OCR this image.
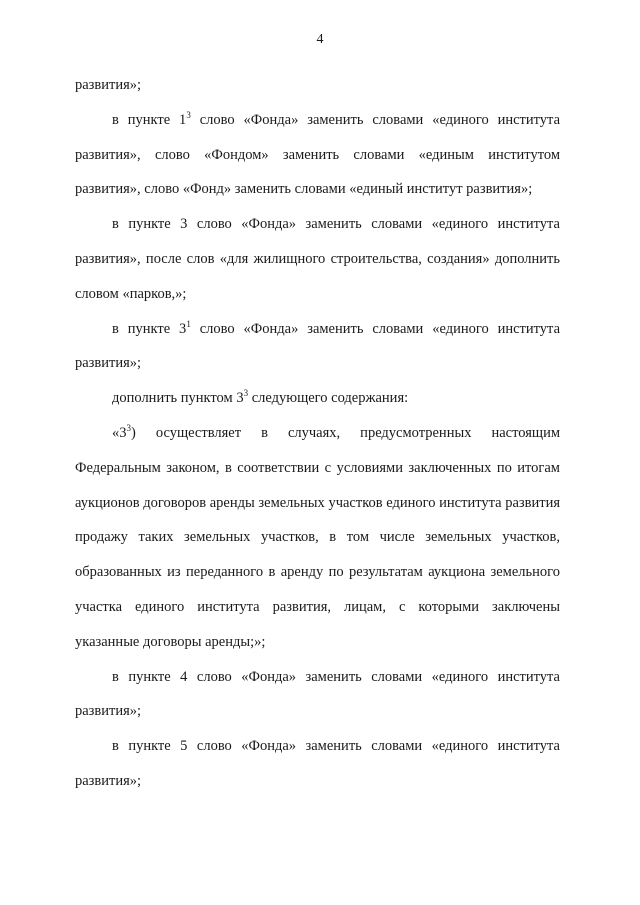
4

развития»;

в пункте $1^3$ слово «Фонда» заменить словами «единого института развития», слово «Фондом» заменить словами «единым институтом развития», слово «Фонд» заменить словами «единый институт развития»;

в пункте 3 слово «Фонда» заменить словами «единого института развития», после слов «для жилищного строительства, создания» дополнить словом «парков,»;

в пункте $3^1$ слово «Фонда» заменить словами «единого института развития»;

дополнить пунктом $3^3$ следующего содержания:

«$3^3$) осуществляет в случаях, предусмотренных настоящим Федеральным законом, в соответствии с условиями заключенных по итогам аукционов договоров аренды земельных участков единого института развития продажу таких земельных участков, в том числе земельных участков, образованных из переданного в аренду по результатам аукциона земельного участка единого института развития, лицам, с которыми заключены указанные договоры аренды;»;

в пункте 4 слово «Фонда» заменить словами «единого института развития»;

в пункте 5 слово «Фонда» заменить словами «единого института развития»;
